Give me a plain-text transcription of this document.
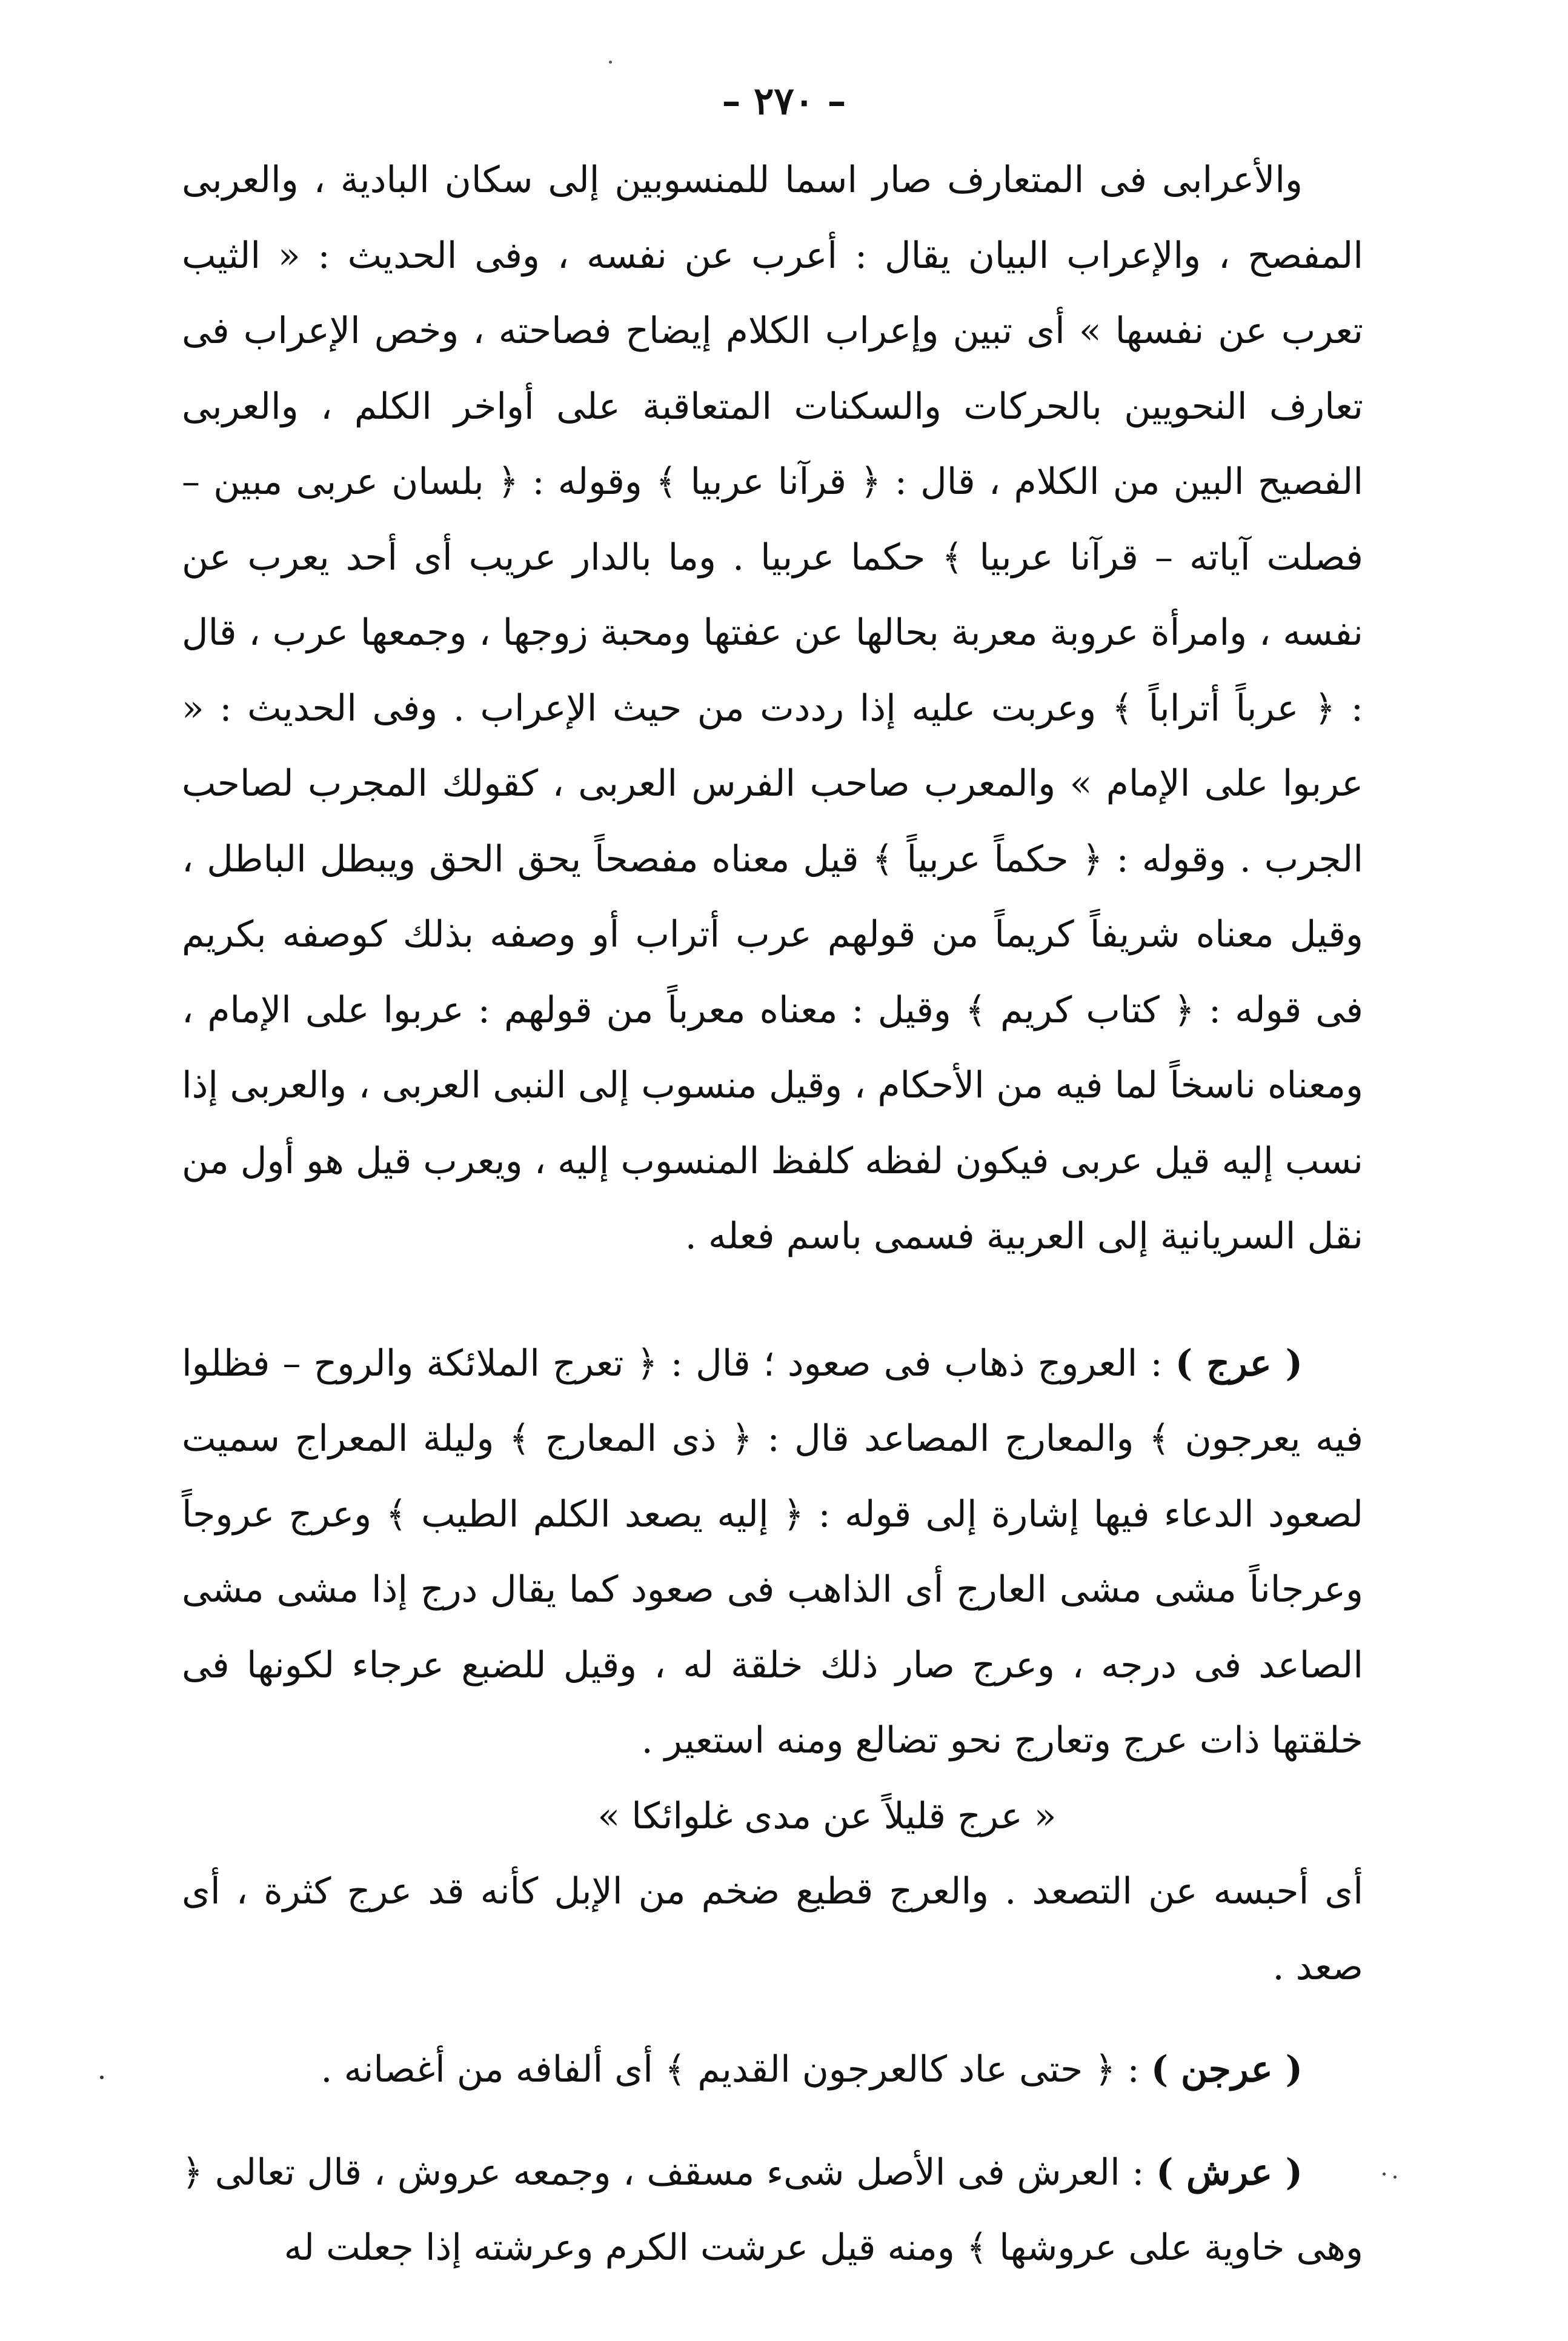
– ٢٧٠ –

والأعرابى فى المتعارف صار اسما للمنسوبين إلى سكان البادية ، والعربى المفصح ، والإعراب البيان يقال : أعرب عن نفسه ، وفى الحديث : « الثيب تعرب عن نفسها » أى تبين وإعراب الكلام إيضاح فصاحته ، وخص الإعراب فى تعارف النحويين بالحركات والسكنات المتعاقبة على أواخر الكلم ، والعربى الفصيح البين من الكلام ، قال : ﴿ قرآنا عربيا ﴾ وقوله : ﴿ بلسان عربى مبين – فصلت آياته – قرآنا عربيا ﴾ حكما عربيا . وما بالدار عريب أى أحد يعرب عن نفسه ، وامرأة عروبة معربة بحالها عن عفتها ومحبة زوجها ، وجمعها عرب ، قال : ﴿ عرباً أتراباً ﴾ وعربت عليه إذا رددت من حيث الإعراب . وفى الحديث : « عربوا على الإمام » والمعرب صاحب الفرس العربى ، كقولك المجرب لصاحب الجرب . وقوله : ﴿ حكماً عربياً ﴾ قيل معناه مفصحاً يحق الحق ويبطل الباطل ، وقيل معناه شريفاً كريماً من قولهم عرب أتراب أو وصفه بذلك كوصفه بكريم فى قوله : ﴿ كتاب كريم ﴾ وقيل : معناه معرباً من قولهم : عربوا على الإمام ، ومعناه ناسخاً لما فيه من الأحكام ، وقيل منسوب إلى النبى العربى ، والعربى إذا نسب إليه قيل عربى فيكون لفظه كلفظ المنسوب إليه ، ويعرب قيل هو أول من نقل السريانية إلى العربية فسمى باسم فعله .

( عرج ) : العروج ذهاب فى صعود ؛ قال : ﴿ تعرج الملائكة والروح – فظلوا فيه يعرجون ﴾ والمعارج المصاعد قال : ﴿ ذى المعارج ﴾ وليلة المعراج سميت لصعود الدعاء فيها إشارة إلى قوله : ﴿ إليه يصعد الكلم الطيب ﴾ وعرج عروجاً وعرجاناً مشى مشى العارج أى الذاهب فى صعود كما يقال درج إذا مشى مشى الصاعد فى درجه ، وعرج صار ذلك خلقة له ، وقيل للضبع عرجاء لكونها فى خلقتها ذات عرج وتعارج نحو تضالع ومنه استعير .

« عرج قليلاً عن مدى غلوائكا »

أى أحبسه عن التصعد . والعرج قطيع ضخم من الإبل كأنه قد عرج كثرة ، أى صعد .

( عرجن ) : ﴿ حتى عاد كالعرجون القديم ﴾ أى ألفافه من أغصانه .

( عرش ) : العرش فى الأصل شىء مسقف ، وجمعه عروش ، قال تعالى ﴿ وهى خاوية على عروشها ﴾ ومنه قيل عرشت الكرم وعرشته إذا جعلت له
